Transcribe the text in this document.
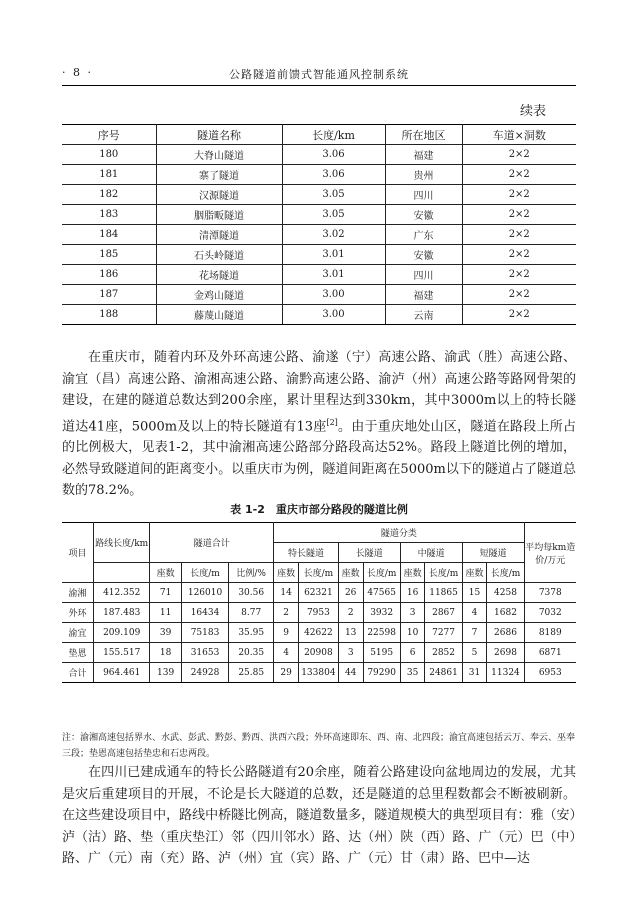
· 8 ·	公路隧道前馈式智能通风控制系统
续表
序号	隧道名称	长度/km	所在地区	车道×洞数
180	大脊山隧道	3.06	福建	2×2
181	寨了隧道	3.06	贵州	2×2
182	汉源隧道	3.05	四川	2×2
183	胭脂畈隧道	3.05	安徽	2×2
184	清潭隧道	3.02	广东	2×2
185	石头岭隧道	3.01	安徽	2×2
186	花场隧道	3.01	四川	2×2
187	金鸡山隧道	3.00	福建	2×2
188	藤蔑山隧道	3.00	云南	2×2

在重庆市，随着内环及外环高速公路、渝遂（宁）高速公路、渝武（胜）高速公路、渝宜（昌）高速公路、渝湘高速公路、渝黔高速公路、渝泸（州）高速公路等路网骨架的建设，在建的隧道总数达到200余座，累计里程达到330km，其中3000m以上的特长隧道达41座，5000m及以上的特长隧道有13座[2]。由于重庆地处山区，隧道在路段上所占的比例极大，见表1-2，其中渝湘高速公路部分路段高达52%。路段上隧道比例的增加，必然导致隧道间的距离变小。以重庆市为例，隧道间距离在5000m以下的隧道占了隧道总数的78.2%。

表 1-2　重庆市部分路段的隧道比例
项目	路线长度/km	隧道合计			隧道分类								平均每km造价/万元
					特长隧道		长隧道		中隧道		短隧道		
		座数	长度/m	比例/%	座数	长度/m	座数	长度/m	座数	长度/m	座数	长度/m	
渝湘	412.352	71	126010	30.56	14	62321	26	47565	16	11865	15	4258	7378
外环	187.483	11	16434	8.77	2	7953	2	3932	3	2867	4	1682	7032
渝宜	209.109	39	75183	35.95	9	42622	13	22598	10	7277	7	2686	8189
垫恩	155.517	18	31653	20.35	4	20908	3	5195	6	2852	5	2698	6871
合计	964.461	139	24928	25.85	29	133804	44	79290	35	24861	31	11324	6953
注：渝湘高速包括界水、水武、彭武、黔彭、黔西、洪西六段；外环高速即东、西、南、北四段；渝宜高速包括云万、奉云、巫奉三段；垫恩高速包括垫忠和石忠两段。

在四川已建成通车的特长公路隧道有20余座，随着公路建设向盆地周边的发展，尤其是灾后重建项目的开展，不论是长大隧道的总数，还是隧道的总里程数都会不断被刷新。在这些建设项目中，路线中桥隧比例高，隧道数量多，隧道规模大的典型项目有：雅（安）泸（沽）路、垫（重庆垫江）邻（四川邻水）路、达（州）陕（西）路、广（元）巴（中）路、广（元）南（充）路、泸（州）宜（宾）路、广（元）甘（肃）路、巴中—达
